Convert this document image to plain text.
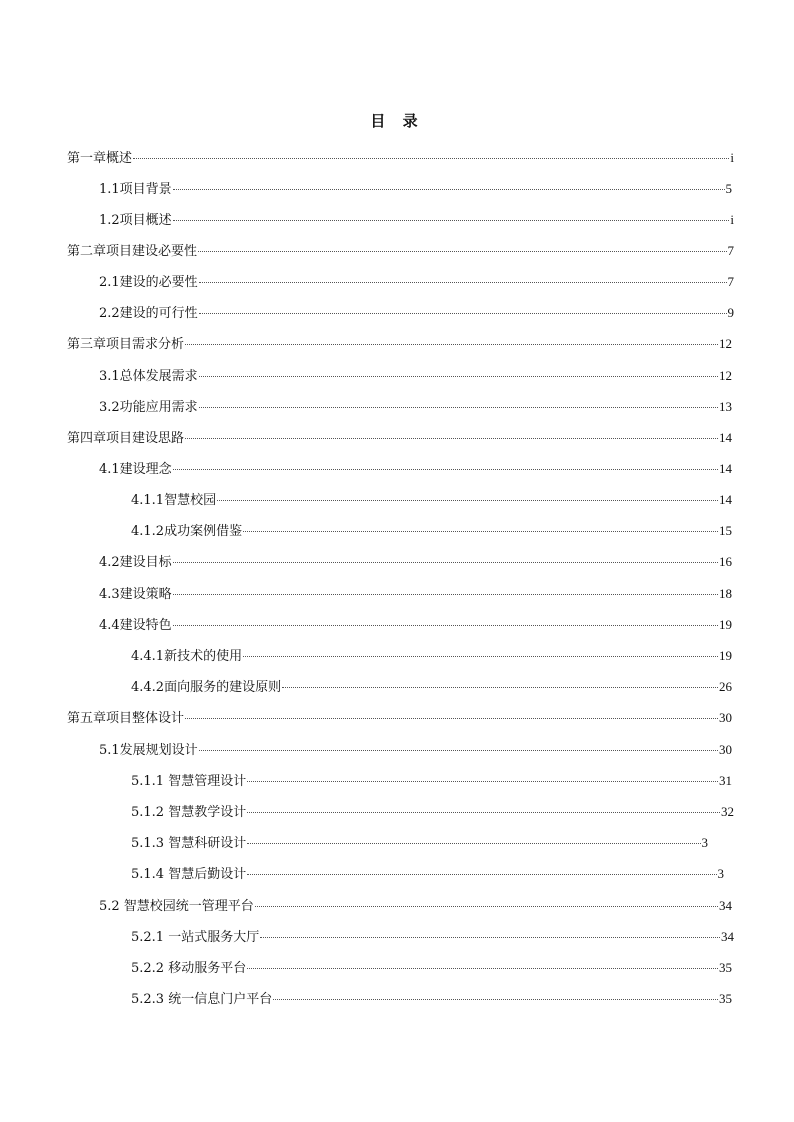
目 录
第一章概述	i
1.1项目背景	5
1.2项目概述	i
第二章项目建设必要性	7
2.1建设的必要性	7
2.2建设的可行性	9
第三章项目需求分析	12
3.1总体发展需求	12
3.2功能应用需求	13
第四章项目建设思路	14
4.1建设理念	14
4.1.1智慧校园	14
4.1.2成功案例借鉴	15
4.2建设目标	16
4.3建设策略	18
4.4建设特色	19
4.4.1新技术的使用	19
4.4.2面向服务的建设原则	26
第五章项目整体设计	30
5.1发展规划设计	30
5.1.1 智慧管理设计	31
5.1.2 智慧教学设计	32
5.1.3 智慧科研设计	3
5.1.4 智慧后勤设计	3
5.2 智慧校园统一管理平台	34
5.2.1 一站式服务大厅	34
5.2.2 移动服务平台	35
5.2.3 统一信息门户平台	35
